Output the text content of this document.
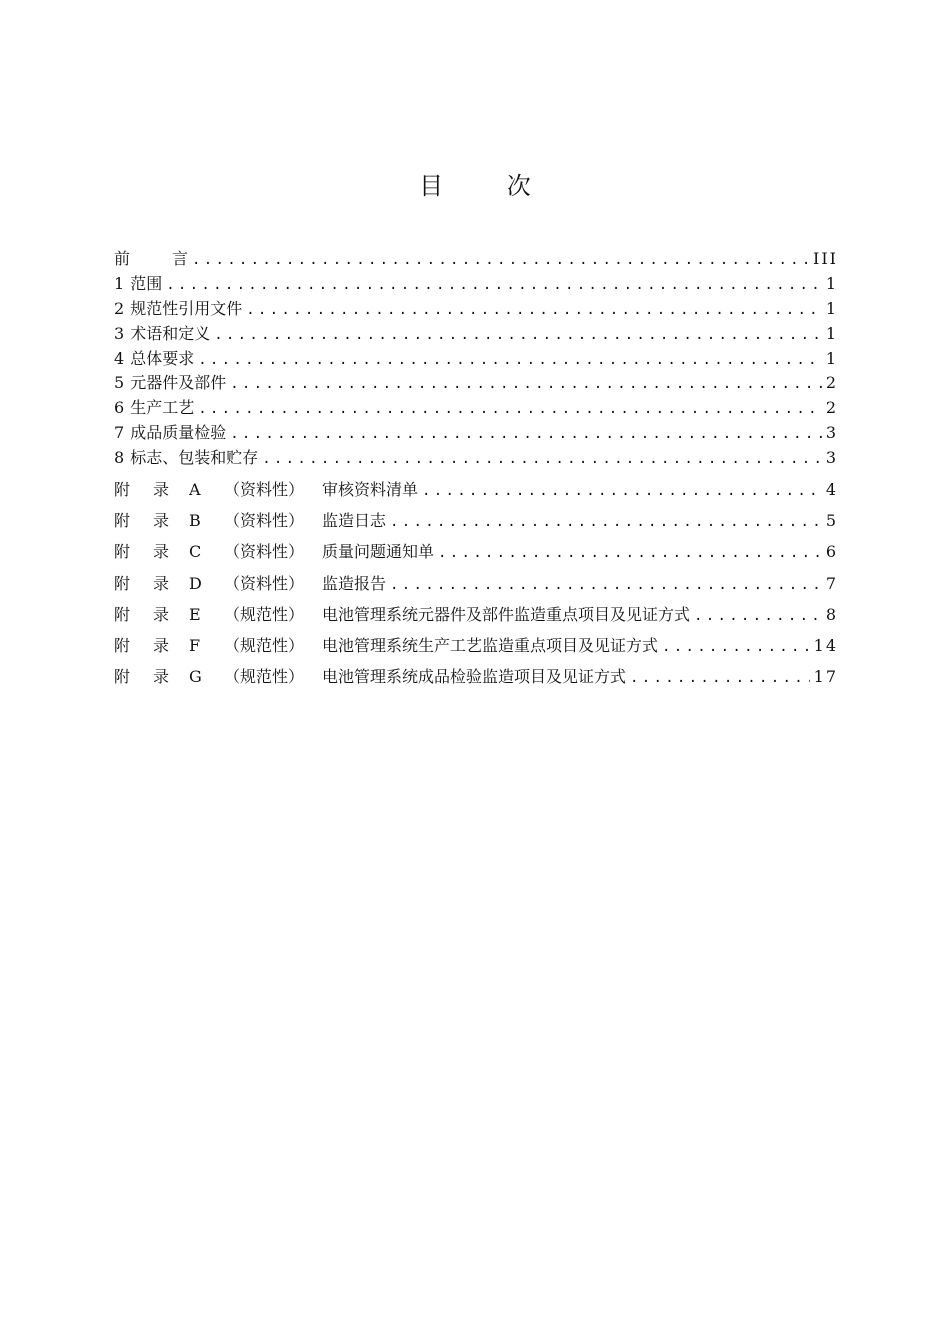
目 次
前	言 .....	III
1 范围 .....	1
2 规范性引用文件 .....	1
3 术语和定义 .....	1
4 总体要求 .....	1
5 元器件及部件 .....	2
6 生产工艺 .....	2
7 成品质量检验 .....	3
8 标志、包装和贮存 .....	3
附 录 A （资料性）	审核资料清单 .....	4
附 录 B （资料性）	监造日志 .....	5
附 录 C （资料性）	质量问题通知单 .....	6
附 录 D （资料性）	监造报告 .....	7
附 录 E （规范性）	电池管理系统元器件及部件监造重点项目及见证方式 .....	8
附 录 F （规范性）	电池管理系统生产工艺监造重点项目及见证方式 .....	14
附 录 G （规范性）	电池管理系统成品检验监造项目及见证方式 .....	17
